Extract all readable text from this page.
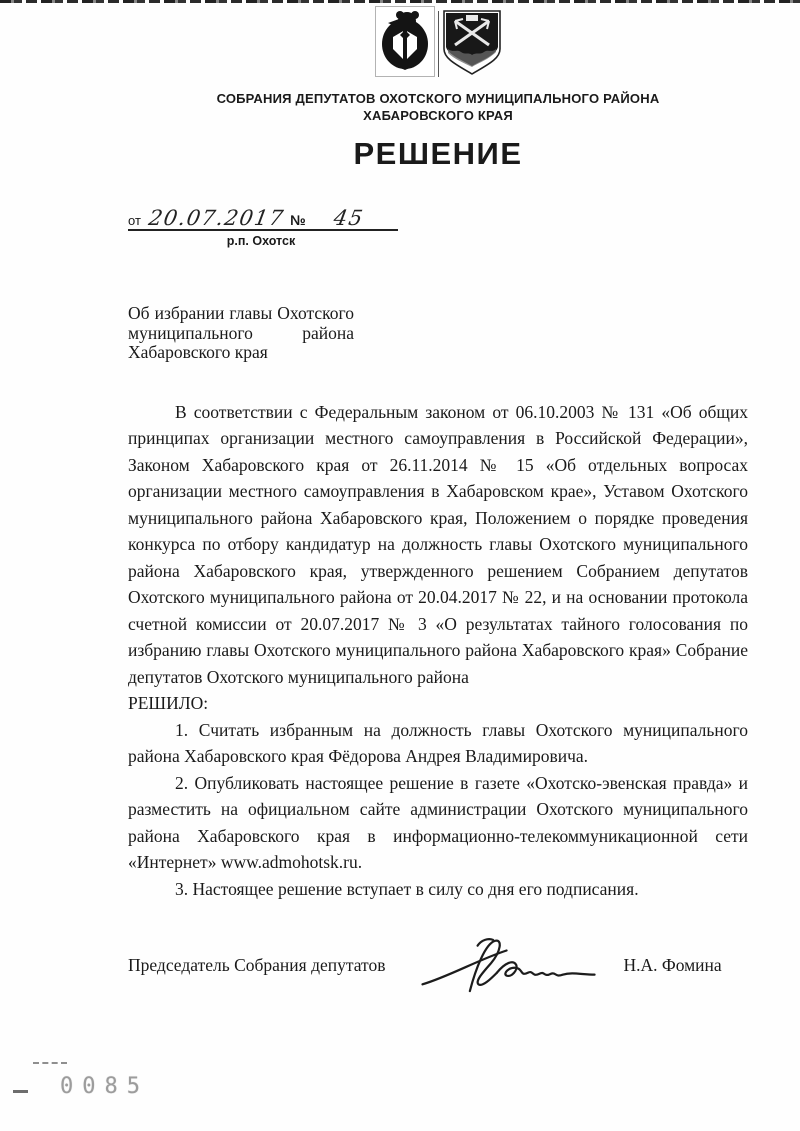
СОБРАНИЯ ДЕПУТАТОВ ОХОТСКОГО МУНИЦИПАЛЬНОГО РАЙОНА
ХАБАРОВСКОГО КРАЯ
РЕШЕНИЕ
от 20.07.2017 № 45
р.п. Охотск
Об избрании главы Охотского муниципального района Хабаровского края

В соответствии с Федеральным законом от 06.10.2003 № 131 «Об общих принципах организации местного самоуправления в Российской Федерации», Законом Хабаровского края от 26.11.2014 № 15 «Об отдельных вопросах организации местного самоуправления в Хабаровском крае», Уставом Охотского муниципального района Хабаровского края, Положением о порядке проведения конкурса по отбору кандидатур на должность главы Охотского муниципального района Хабаровского края, утвержденного решением Собранием депутатов Охотского муниципального района от 20.04.2017 № 22, и на основании протокола счетной комиссии от 20.07.2017 № 3 «О результатах тайного голосования по избранию главы Охотского муниципального района Хабаровского края» Собрание депутатов Охотского муниципального района

РЕШИЛО:

1. Считать избранным на должность главы Охотского муниципального района Хабаровского края Фёдорова Андрея Владимировича.

2. Опубликовать настоящее решение в газете «Охотско-эвенская правда» и разместить на официальном сайте администрации Охотского муниципального района Хабаровского края в информационно-телекоммуникационной сети «Интернет» www.admohotsk.ru.

3. Настоящее решение вступает в силу со дня его подписания.

Председатель Собрания депутатов	Н.А. Фомина
0085
